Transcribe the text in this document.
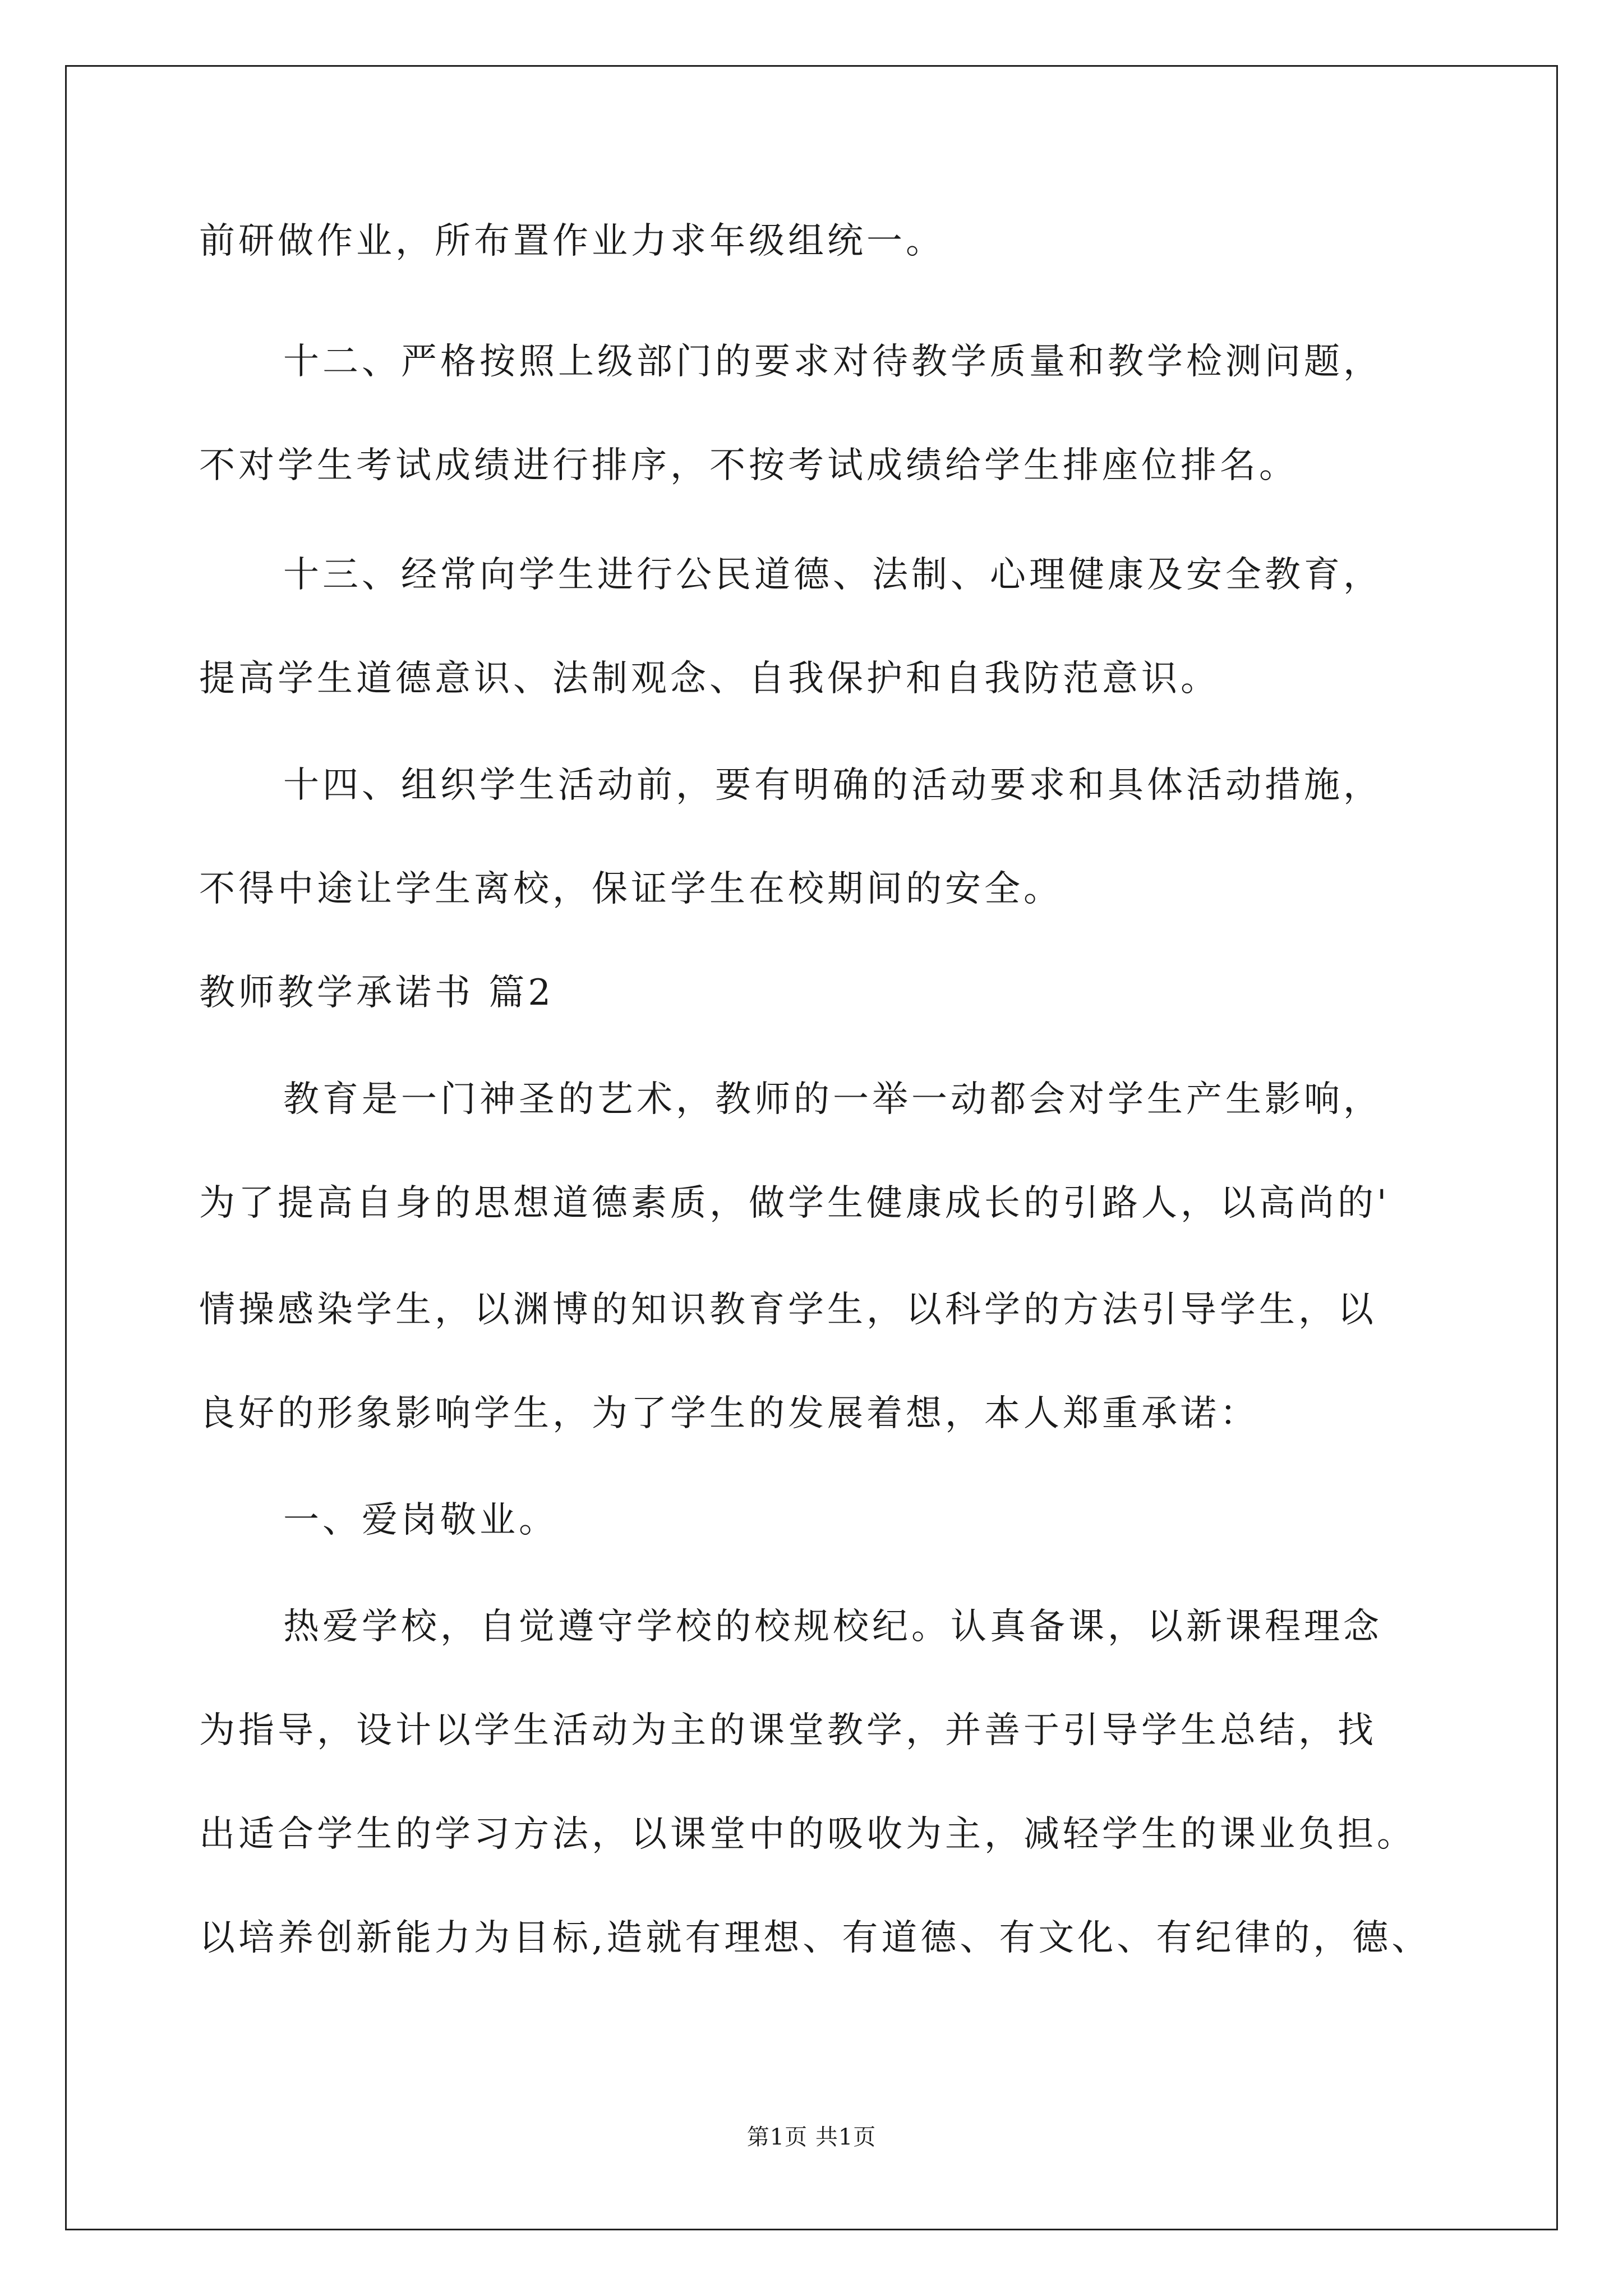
前研做作业，所布置作业力求年级组统一。
十二、严格按照上级部门的要求对待教学质量和教学检测问题，
不对学生考试成绩进行排序，不按考试成绩给学生排座位排名。
十三、经常向学生进行公民道德、法制、心理健康及安全教育，
提高学生道德意识、法制观念、自我保护和自我防范意识。
十四、组织学生活动前，要有明确的活动要求和具体活动措施，
不得中途让学生离校，保证学生在校期间的安全。
教师教学承诺书 篇2
教育是一门神圣的艺术，教师的一举一动都会对学生产生影响，
为了提高自身的思想道德素质，做学生健康成长的引路人，以高尚的'
情操感染学生，以渊博的知识教育学生，以科学的方法引导学生，以
良好的形象影响学生，为了学生的发展着想，本人郑重承诺：
一、爱岗敬业。
热爱学校，自觉遵守学校的校规校纪。认真备课，以新课程理念
为指导，设计以学生活动为主的课堂教学，并善于引导学生总结，找
出适合学生的学习方法，以课堂中的吸收为主，减轻学生的课业负担。
以培养创新能力为目标,造就有理想、有道德、有文化、有纪律的，德、
第1页 共1页
